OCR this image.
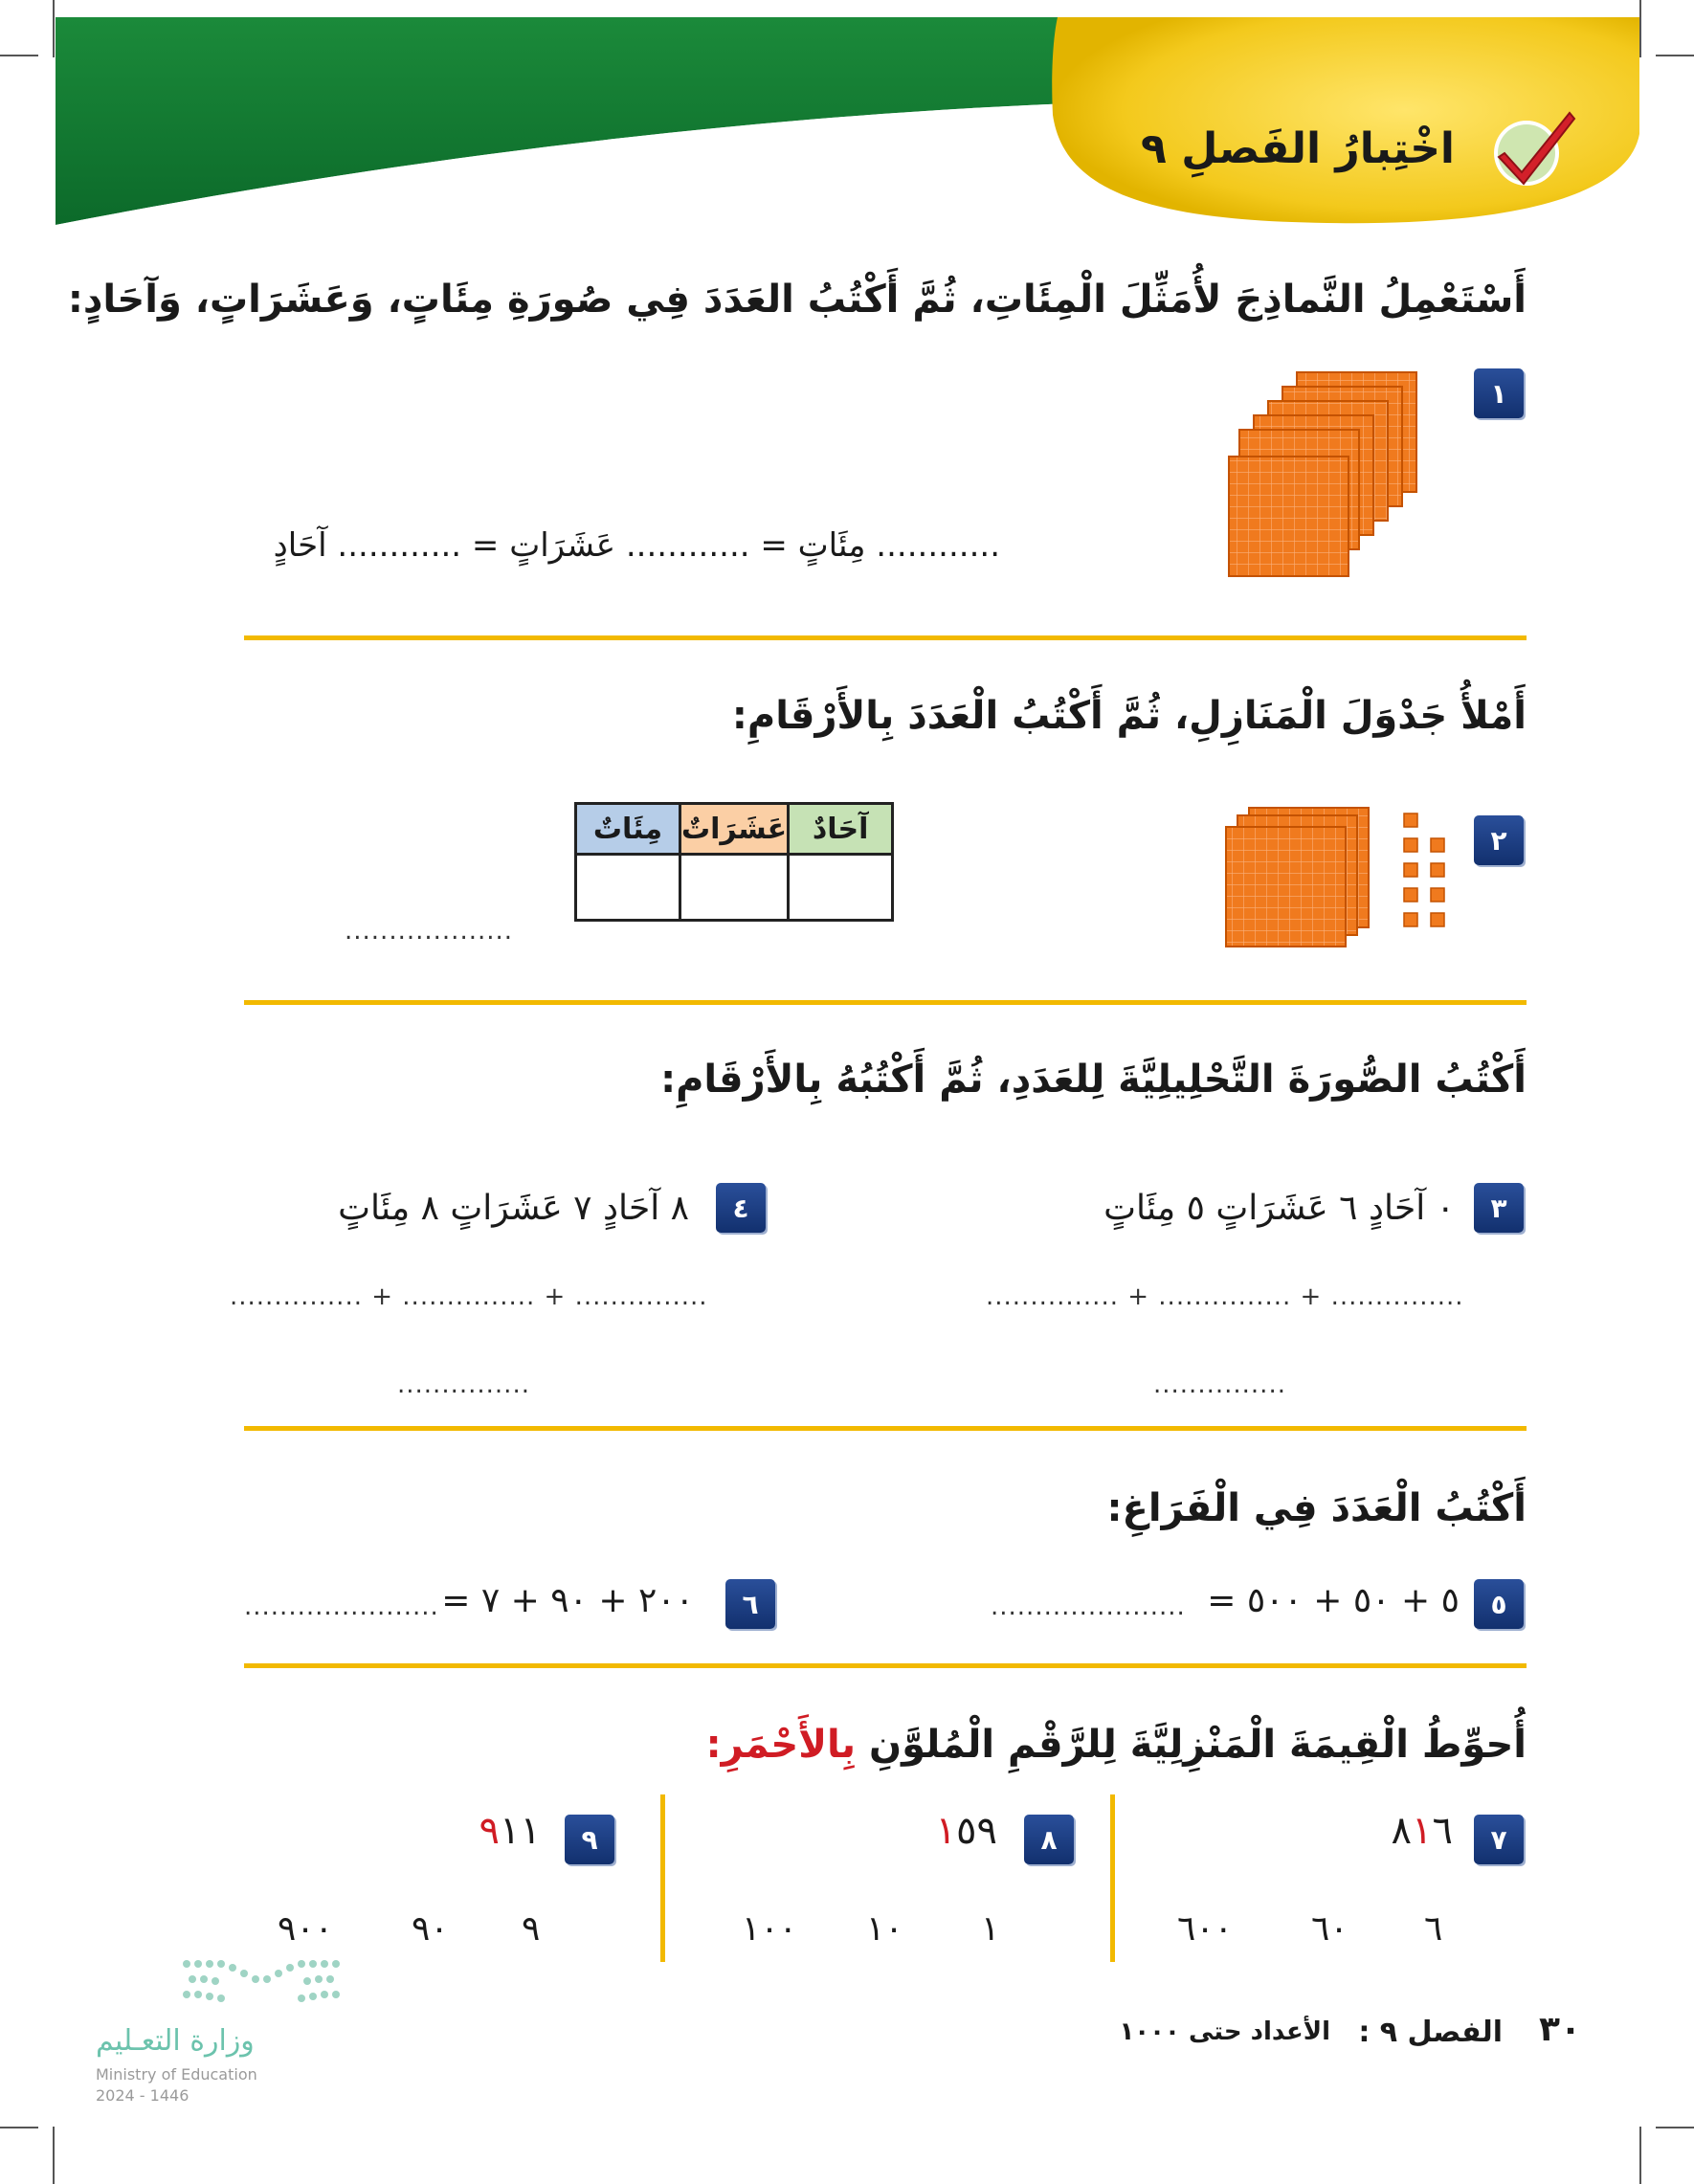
اخْتِبارُ الفَصلِ ٩
أَسْتَعْمِلُ النَّماذِجَ لأُمَثِّلَ الْمِئَاتِ، ثُمَّ أَكْتُبُ العَدَدَ فِي صُورَةِ مِئَاتٍ، وَعَشَرَاتٍ، وَآحَادٍ:
١
............ مِئَاتٍ = ............ عَشَرَاتٍ = ............ آحَادٍ
أَمْلأُ جَدْوَلَ الْمَنَازِلِ، ثُمَّ أَكْتُبُ الْعَدَدَ بِالأَرْقَامِ:
٢
مِئَاتٌ	عَشَرَاتٌ	آحَادٌ

...................
أَكْتُبُ الصُّورَةَ التَّحْلِيلِيَّةَ لِلعَدَدِ، ثُمَّ أَكْتُبُهُ بِالأَرْقَامِ:
٣
٠ آحَادٍ ٦ عَشَرَاتٍ ٥ مِئَاتٍ
............... + ............... + ...............
...............
٤
٨ آحَادٍ ٧ عَشَرَاتٍ ٨ مِئَاتٍ
............... + ............... + ...............
...............
أَكْتُبُ الْعَدَدَ فِي الْفَرَاغِ:
٥
٥ + ٥٠ + ٥٠٠ =
......................
٦
٢٠٠ + ٩٠ + ٧ =
......................
أُحوِّطُ الْقِيمَةَ الْمَنْزِلِيَّةَ لِلرَّقْمِ الْمُلوَّنِ بِالأَحْمَرِ:
٧
٨١٦
٦
٦٠
٦٠٠
٨
١٥٩
١
١٠
١٠٠
٩
٩١١
٩
٩٠
٩٠٠
وزارة التعـليم
Ministry of Education
2024 - 1446
٣٠
الفصل ٩ :
الأعداد حتى ١٠٠٠
